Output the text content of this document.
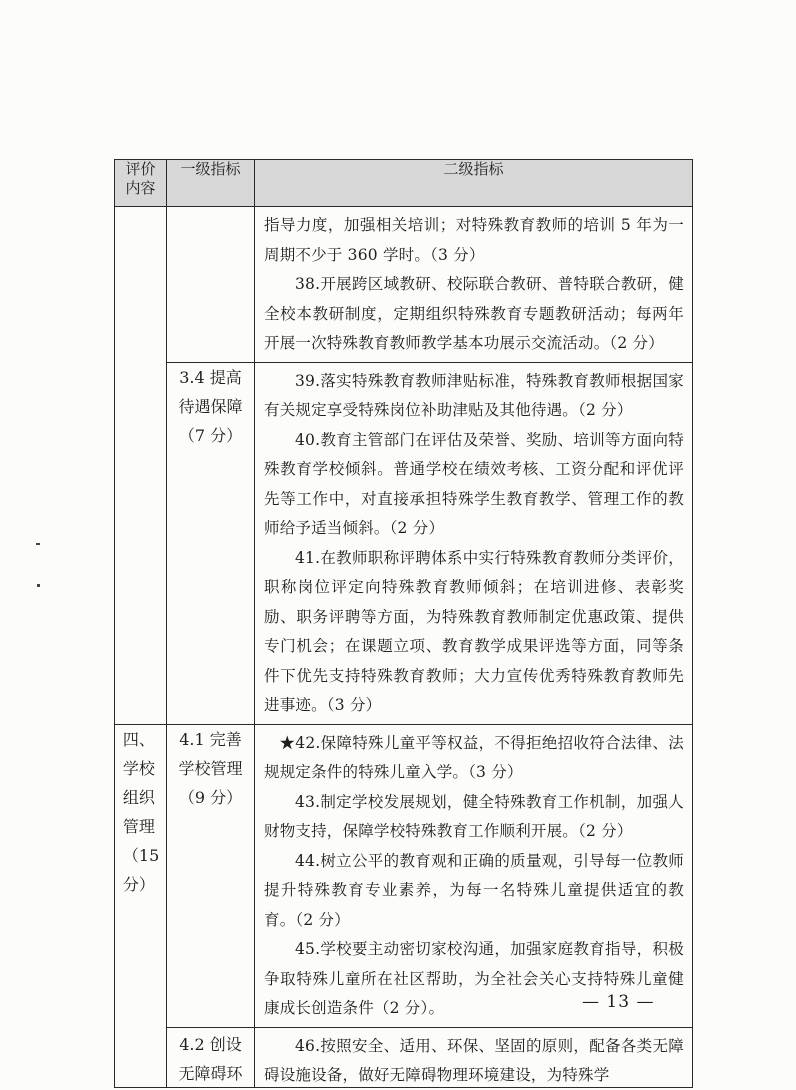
评价内容	一级指标	二级指标

		指导力度，加强相关培训；对特殊教育教师的培训 5 年为一周期不少于 360 学时。（3 分）

38.开展跨区域教研、校际联合教研、普特联合教研，健全校本教研制度，定期组织特殊教育专题教研活动；每两年开展一次特殊教育教师教学基本功展示交流活动。（2 分）

	3.4 提高待遇保障（7 分）	39.落实特殊教育教师津贴标准，特殊教育教师根据国家有关规定享受特殊岗位补助津贴及其他待遇。（2 分）

40.教育主管部门在评估及荣誉、奖励、培训等方面向特殊教育学校倾斜。普通学校在绩效考核、工资分配和评优评先等工作中，对直接承担特殊学生教育教学、管理工作的教师给予适当倾斜。（2 分）

41.在教师职称评聘体系中实行特殊教育教师分类评价，职称岗位评定向特殊教育教师倾斜；在培训进修、表彰奖励、职务评聘等方面，为特殊教育教师制定优惠政策、提供专门机会；在课题立项、教育教学成果评选等方面，同等条件下优先支持特殊教育教师；大力宣传优秀特殊教育教师先进事迹。（3 分）

四、学校组织管理（15 分）	4.1 完善学校管理（9 分）	★42.保障特殊儿童平等权益，不得拒绝招收符合法律、法规规定条件的特殊儿童入学。（3 分）

43.制定学校发展规划，健全特殊教育工作机制，加强人财物支持，保障学校特殊教育工作顺利开展。（2 分）

44.树立公平的教育观和正确的质量观，引导每一位教师提升特殊教育专业素养，为每一名特殊儿童提供适宜的教育。（2 分）

45.学校要主动密切家校沟通，加强家庭教育指导，积极争取特殊儿童所在社区帮助，为全社会关心支持特殊儿童健康成长创造条件（2 分）。

	4.2 创设无障碍环	46.按照安全、适用、环保、坚固的原则，配备各类无障碍设施设备，做好无障碍物理环境建设，为特殊学

— 13 —
